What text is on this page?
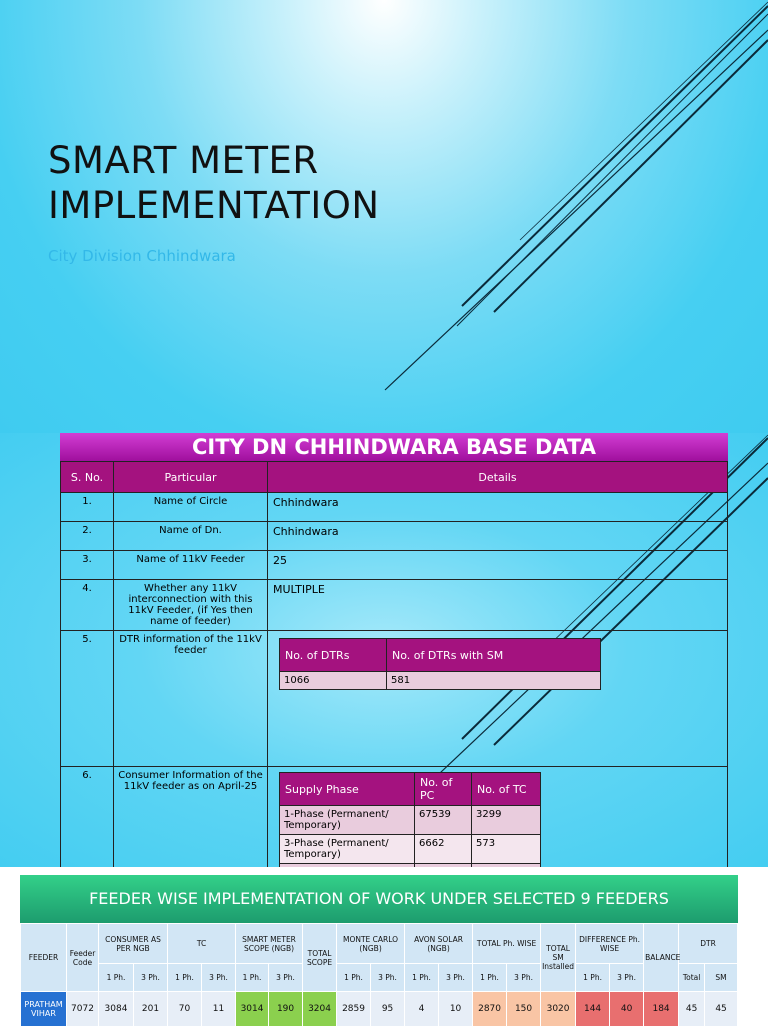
SMART METER
IMPLEMENTATION
City Division Chhindwara
CITY DN CHHINDWARA BASE DATA
S. No.	Particular	Details
1.	Name of Circle	Chhindwara
2.	Name of Dn.	Chhindwara
3.	Name of 11kV Feeder	25
4.	Whether any 11kV interconnection with this 11kV Feeder, (if Yes then name of feeder)	MULTIPLE
5.	DTR information of the 11kV feeder		No. of DTRs	No. of DTRs with SM
1066	581

6.	Consumer Information of the 11kV feeder as on April-25		Supply Phase	No. of PC	No. of TC
1-Phase (Permanent/ Temporary)	67539	3299
3-Phase (Permanent/ Temporary)	6662	573

FEEDER WISE IMPLEMENTATION OF WORK UNDER SELECTED 9 FEEDERS
FEEDER	Feeder Code	CONSUMER AS PER NGB		TC		SMART METER SCOPE (NGB)		TOTAL SCOPE	MONTE CARLO (NGB)		AVON SOLAR (NGB)		TOTAL Ph. WISE		TOTAL SM Installed	DIFFERENCE Ph. WISE		BALANCE	DTR	
		1 Ph.	3 Ph.	1 Ph.	3 Ph.	1 Ph.	3 Ph.		1 Ph.	3 Ph.	1 Ph.	3 Ph.	1 Ph.	3 Ph.		1 Ph.	3 Ph.		Total	SM
PRATHAM VIHAR	7072	3084	201	70	11	3014	190	3204	2859	95	4	10	2870	150	3020	144	40	184	45	45
